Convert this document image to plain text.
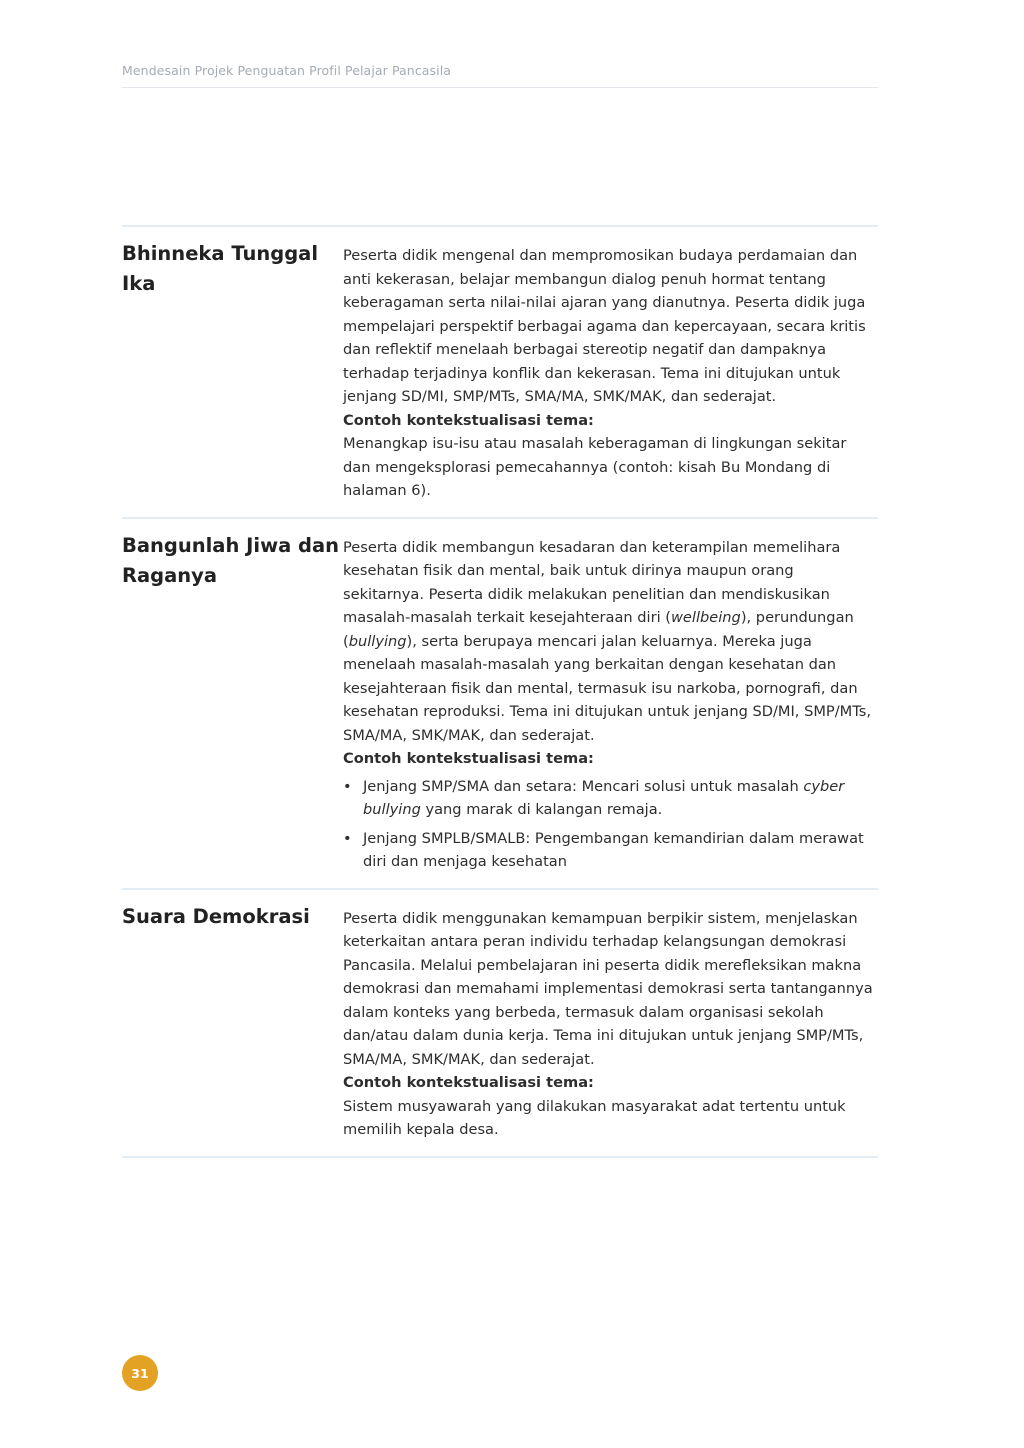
Mendesain Projek Penguatan Profil Pelajar Pancasila
Bhinneka Tunggal Ika

Peserta didik mengenal dan mempromosikan budaya perdamaian dan anti kekerasan, belajar membangun dialog penuh hormat tentang keberagaman serta nilai-nilai ajaran yang dianutnya. Peserta didik juga mempelajari perspektif berbagai agama dan kepercayaan, secara kritis dan reflektif menelaah berbagai stereotip negatif dan dampaknya terhadap terjadinya konflik dan kekerasan. Tema ini ditujukan untuk jenjang SD/MI, SMP/MTs, SMA/MA, SMK/MAK, dan sederajat.

Contoh kontekstualisasi tema:

Menangkap isu-isu atau masalah keberagaman di lingkungan sekitar dan mengeksplorasi pemecahannya (contoh: kisah Bu Mondang di halaman 6).

Bangunlah Jiwa dan Raganya

Peserta didik membangun kesadaran dan keterampilan memelihara kesehatan fisik dan mental, baik untuk dirinya maupun orang sekitarnya. Peserta didik melakukan penelitian dan mendiskusikan masalah-masalah terkait kesejahteraan diri (wellbeing), perundungan (bullying), serta berupaya mencari jalan keluarnya. Mereka juga menelaah masalah-masalah yang berkaitan dengan kesehatan dan kesejahteraan fisik dan mental, termasuk isu narkoba, pornografi, dan kesehatan reproduksi. Tema ini ditujukan untuk jenjang SD/MI, SMP/MTs, SMA/MA, SMK/MAK, dan sederajat.

Contoh kontekstualisasi tema:

• Jenjang SMP/SMA dan setara: Mencari solusi untuk masalah cyber bullying yang marak di kalangan remaja.
• Jenjang SMPLB/SMALB: Pengembangan kemandirian dalam merawat diri dan menjaga kesehatan
Suara Demokrasi	Peserta didik menggunakan kemampuan berpikir sistem, menjelaskan keterkaitan antara peran individu terhadap kelangsungan demokrasi Pancasila. Melalui pembelajaran ini peserta didik merefleksikan makna demokrasi dan memahami implementasi demokrasi serta tantangannya dalam konteks yang berbeda, termasuk dalam organisasi sekolah dan/atau dalam dunia kerja. Tema ini ditujukan untuk jenjang SMP/MTs, SMA/MA, SMK/MAK, dan sederajat.

Contoh kontekstualisasi tema:

Sistem musyawarah yang dilakukan masyarakat adat tertentu untuk memilih kepala desa.

31
